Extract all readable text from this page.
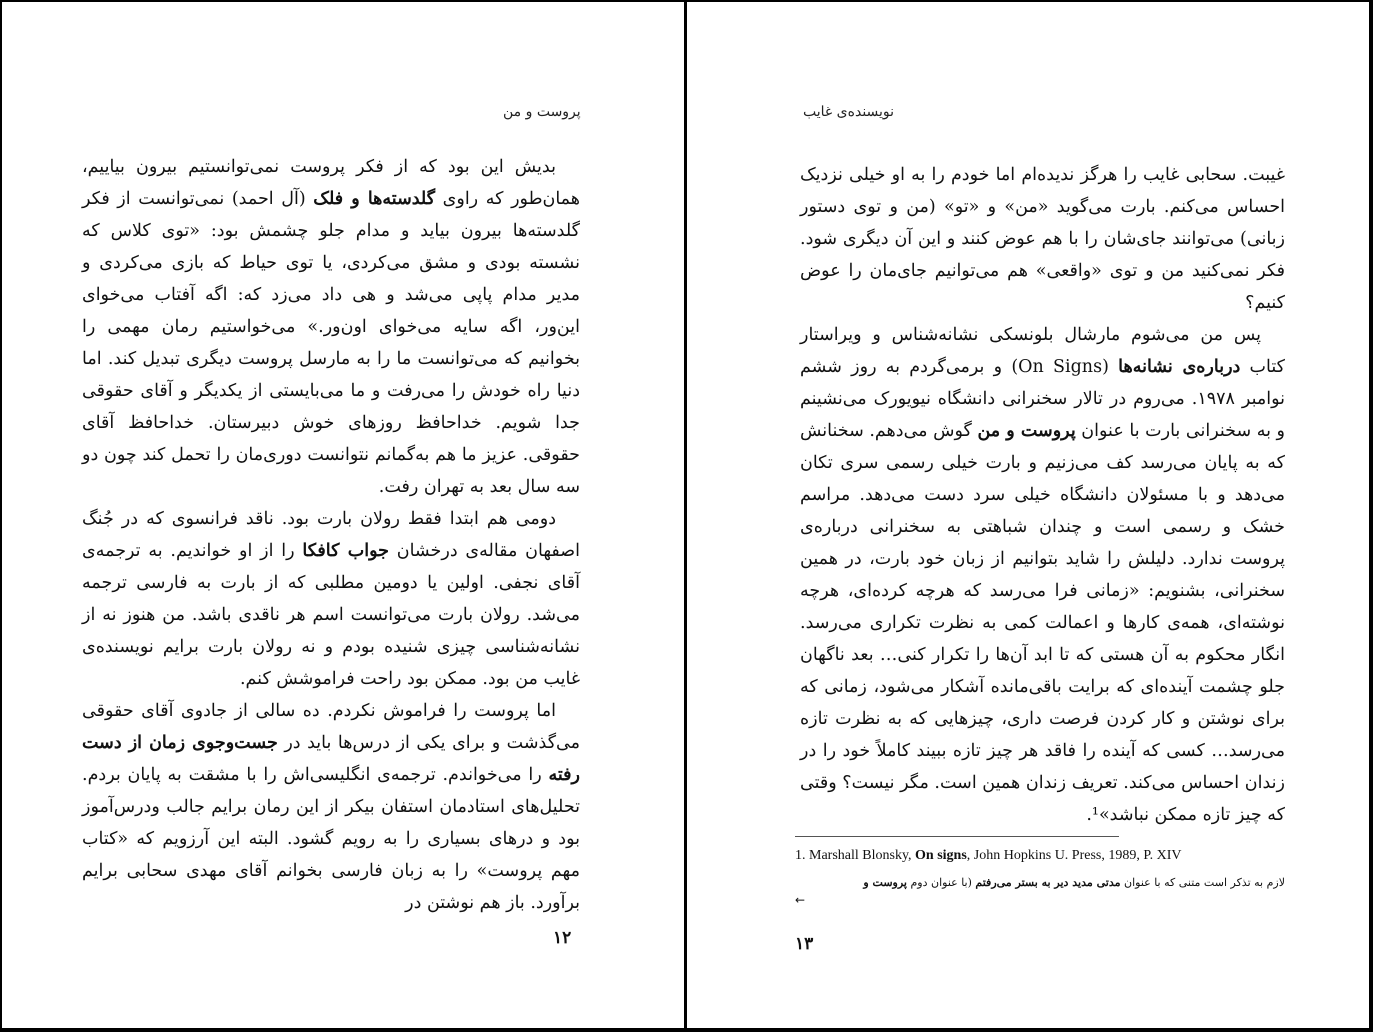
پروست و من

بدیش این بود که از فکر پروست نمی‌توانستیم بیرون بیاییم، همان‌طور که راوی گلدسته‌ها و فلک (آل احمد) نمی‌توانست از فکر گلدسته‌ها بیرون بیاید و مدام جلو چشمش بود: «توی کلاس که نشسته بودی و مشق می‌کردی، یا توی حیاط که بازی می‌کردی و مدیر مدام پاپی می‌شد و هی داد می‌زد که: اگه آفتاب می‌خوای این‌ور، اگه سایه می‌خوای اون‌ور.» می‌خواستیم رمان مهمی را بخوانیم که می‌توانست ما را به مارسل پروست دیگری تبدیل کند. اما دنیا راه خودش را می‌رفت و ما می‌بایستی از یکدیگر و آقای حقوقی جدا شویم. خداحافظ روزهای خوش دبیرستان. خداحافظ آقای حقوقی. عزیز ما هم به‌گمانم نتوانست دوری‌مان را تحمل کند چون دو سه سال بعد به تهران رفت.

دومی هم ابتدا فقط رولان بارت بود. ناقد فرانسوی که در جُنگ اصفهان مقاله‌ی درخشان جواب کافکا را از او خواندیم. به ترجمه‌ی آقای نجفی. اولین یا دومین مطلبی که از بارت به فارسی ترجمه می‌شد. رولان بارت می‌توانست اسم هر ناقدی باشد. من هنوز نه از نشانه‌شناسی چیزی شنیده بودم و نه رولان بارت برایم نویسنده‌ی غایب من بود. ممکن بود راحت فراموشش کنم.

اما پروست را فراموش نکردم. ده سالی از جادوی آقای حقوقی می‌گذشت و برای یکی از درس‌ها باید در جست‌وجوی زمان از دست رفته را می‌خواندم. ترجمه‌ی انگلیسی‌اش را با مشقت به پایان بردم. تحلیل‌های استادمان استفان بیکر از این رمان برایم جالب ودرس‌آموز بود و درهای بسیاری را به رویم گشود. البته این آرزویم که «کتاب مهم پروست» را به زبان فارسی بخوانم آقای مهدی سحابی برایم برآورد. باز هم نوشتن در

۱۲
نویسنده‌ی غایب

غیبت. سحابی غایب را هرگز ندیده‌ام اما خودم را به او خیلی نزدیک احساس می‌کنم. بارت می‌گوید «من» و «تو» (من و توی دستور زبانی) می‌توانند جای‌شان را با هم عوض کنند و این آن دیگری شود. فکر نمی‌کنید من و توی «واقعی» هم می‌توانیم جای‌مان را عوض کنیم؟

پس من می‌شوم مارشال بلونسکی نشانه‌شناس و ویراستار کتاب درباره‌ی نشانه‌ها (On Signs) و برمی‌گردم به روز ششم نوامبر ۱۹۷۸. می‌روم در تالار سخنرانی دانشگاه نیویورک می‌نشینم و به سخنرانی بارت با عنوان پروست و من گوش می‌دهم. سخنانش که به پایان می‌رسد کف می‌زنیم و بارت خیلی رسمی سری تکان می‌دهد و با مسئولان دانشگاه خیلی سرد دست می‌دهد. مراسم خشک و رسمی است و چندان شباهتی به سخنرانی درباره‌ی پروست ندارد. دلیلش را شاید بتوانیم از زبان خود بارت، در همین سخنرانی، بشنویم: «زمانی فرا می‌رسد که هرچه کرده‌ای، هرچه نوشته‌ای، همه‌ی کارها و اعمالت کمی به نظرت تکراری می‌رسد. انگار محکوم به آن هستی که تا ابد آن‌ها را تکرار کنی… بعد ناگهان جلو چشمت آینده‌ای که برایت باقی‌مانده آشکار می‌شود، زمانی که برای نوشتن و کار کردن فرصت داری، چیزهایی که به نظرت تازه می‌رسد… کسی که آینده را فاقد هر چیز تازه ببیند کاملاً خود را در زندان احساس می‌کند. تعریف زندان همین است. مگر نیست؟ وقتی که چیز تازه ممکن نباشد»¹.

1. Marshall Blonsky, On signs, John Hopkins U. Press, 1989, P. XIV
لازم به تذکر است متنی که با عنوان مدتی مدید دیر به بستر می‌رفتم (با عنوان دوم پروست و
←
۱۳
